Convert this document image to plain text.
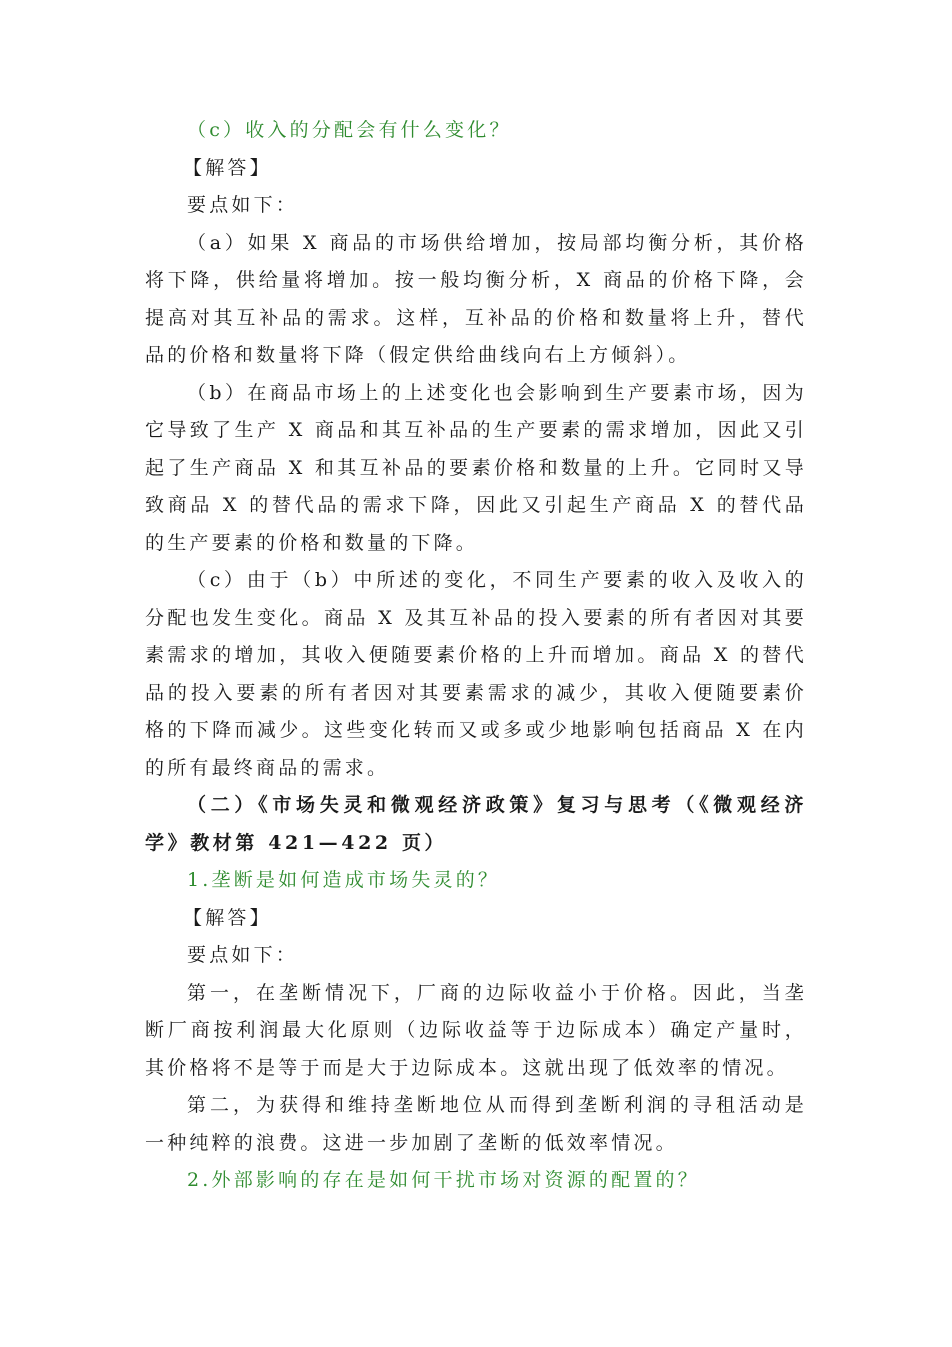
（c）收入的分配会有什么变化？

【解答】

要点如下：

（a）如果 X 商品的市场供给增加，按局部均衡分析，其价格将下降，供给量将增加。按一般均衡分析，X 商品的价格下降，会提高对其互补品的需求。这样，互补品的价格和数量将上升，替代品的价格和数量将下降（假定供给曲线向右上方倾斜）。

（b）在商品市场上的上述变化也会影响到生产要素市场，因为它导致了生产 X 商品和其互补品的生产要素的需求增加，因此又引起了生产商品 X 和其互补品的要素价格和数量的上升。它同时又导致商品 X 的替代品的需求下降，因此又引起生产商品 X 的替代品的生产要素的价格和数量的下降。

（c）由于（b）中所述的变化，不同生产要素的收入及收入的分配也发生变化。商品 X 及其互补品的投入要素的所有者因对其要素需求的增加，其收入便随要素价格的上升而增加。商品 X 的替代品的投入要素的所有者因对其要素需求的减少，其收入便随要素价格的下降而减少。这些变化转而又或多或少地影响包括商品 X 在内的所有最终商品的需求。

（二）《市场失灵和微观经济政策》复习与思考（《微观经济学》教材第 421—422 页）

1.垄断是如何造成市场失灵的？

【解答】

要点如下：

第一，在垄断情况下，厂商的边际收益小于价格。因此，当垄断厂商按利润最大化原则（边际收益等于边际成本）确定产量时，其价格将不是等于而是大于边际成本。这就出现了低效率的情况。

第二，为获得和维持垄断地位从而得到垄断利润的寻租活动是一种纯粹的浪费。这进一步加剧了垄断的低效率情况。

2.外部影响的存在是如何干扰市场对资源的配置的？
